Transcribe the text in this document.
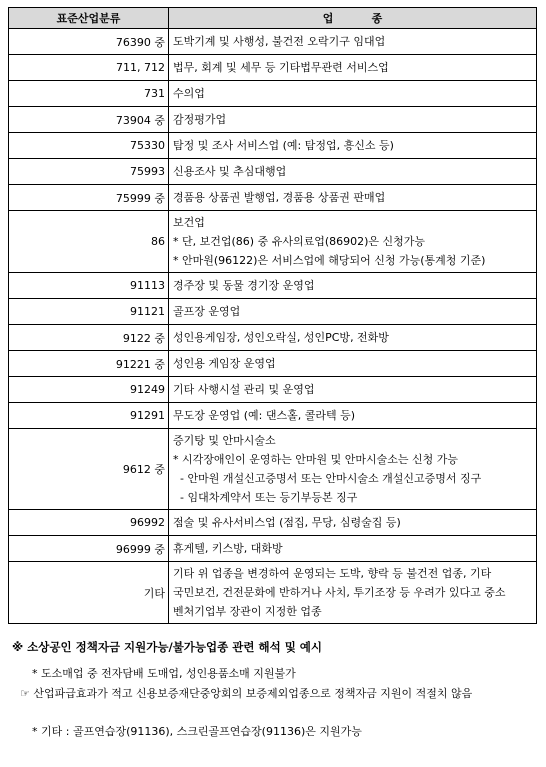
표준산업분류	업          종
76390 중	도박기계 및 사행성, 불건전 오락기구 임대업

711, 712	법무, 회계 및 세무 등 기타법무관련 서비스업

731	수의업

73904 중	감정평가업

75330	탐정 및 조사 서비스업 (예: 탐정업, 흥신소 등)

75993	신용조사 및 추심대행업

75999 중	경품용 상품권 발행업, 경품용 상품권 판매업

86	보건업
* 단, 보건업(86) 중 유사의료업(86902)은 신청가능
* 안마원(96122)은 서비스업에 해당되어 신청 가능(통계청 기준)

91113	경주장 및 동물 경기장 운영업

91121	골프장 운영업

9122 중	성인용게임장, 성인오락실, 성인PC방, 전화방

91221 중	성인용 게임장 운영업

91249	기타 사행시설 관리 및 운영업

91291	무도장 운영업 (예: 댄스홀, 콜라텍 등)

9612 중	증기탕 및 안마시술소
* 시각장애인이 운영하는 안마원 및 안마시술소는 신청 가능
- 안마원 개설신고증명서 또는 안마시술소 개설신고증명서 징구
- 임대차계약서 또는 등기부등본 징구

96992	점술 및 유사서비스업 (점집, 무당, 심령술집 등)

96999 중	휴게텔, 키스방, 대화방

기타	기타 위 업종을 변경하여 운영되는 도박, 향락 등 불건전 업종, 기타
국민보건, 건전문화에 반하거나 사치, 투기조장 등 우려가 있다고 중소
벤처기업부 장관이 지정한 업종
※ 소상공인 정책자금 지원가능/불가능업종 관련 해석 및 예시
* 도소매업 중 전자담배 도매업, 성인용품소매 지원불가
☞ 산업파급효과가 적고 신용보증재단중앙회의 보증제외업종으로 정책자금 지원이 적절치 않음
* 기타 : 골프연습장(91136), 스크린골프연습장(91136)은 지원가능
